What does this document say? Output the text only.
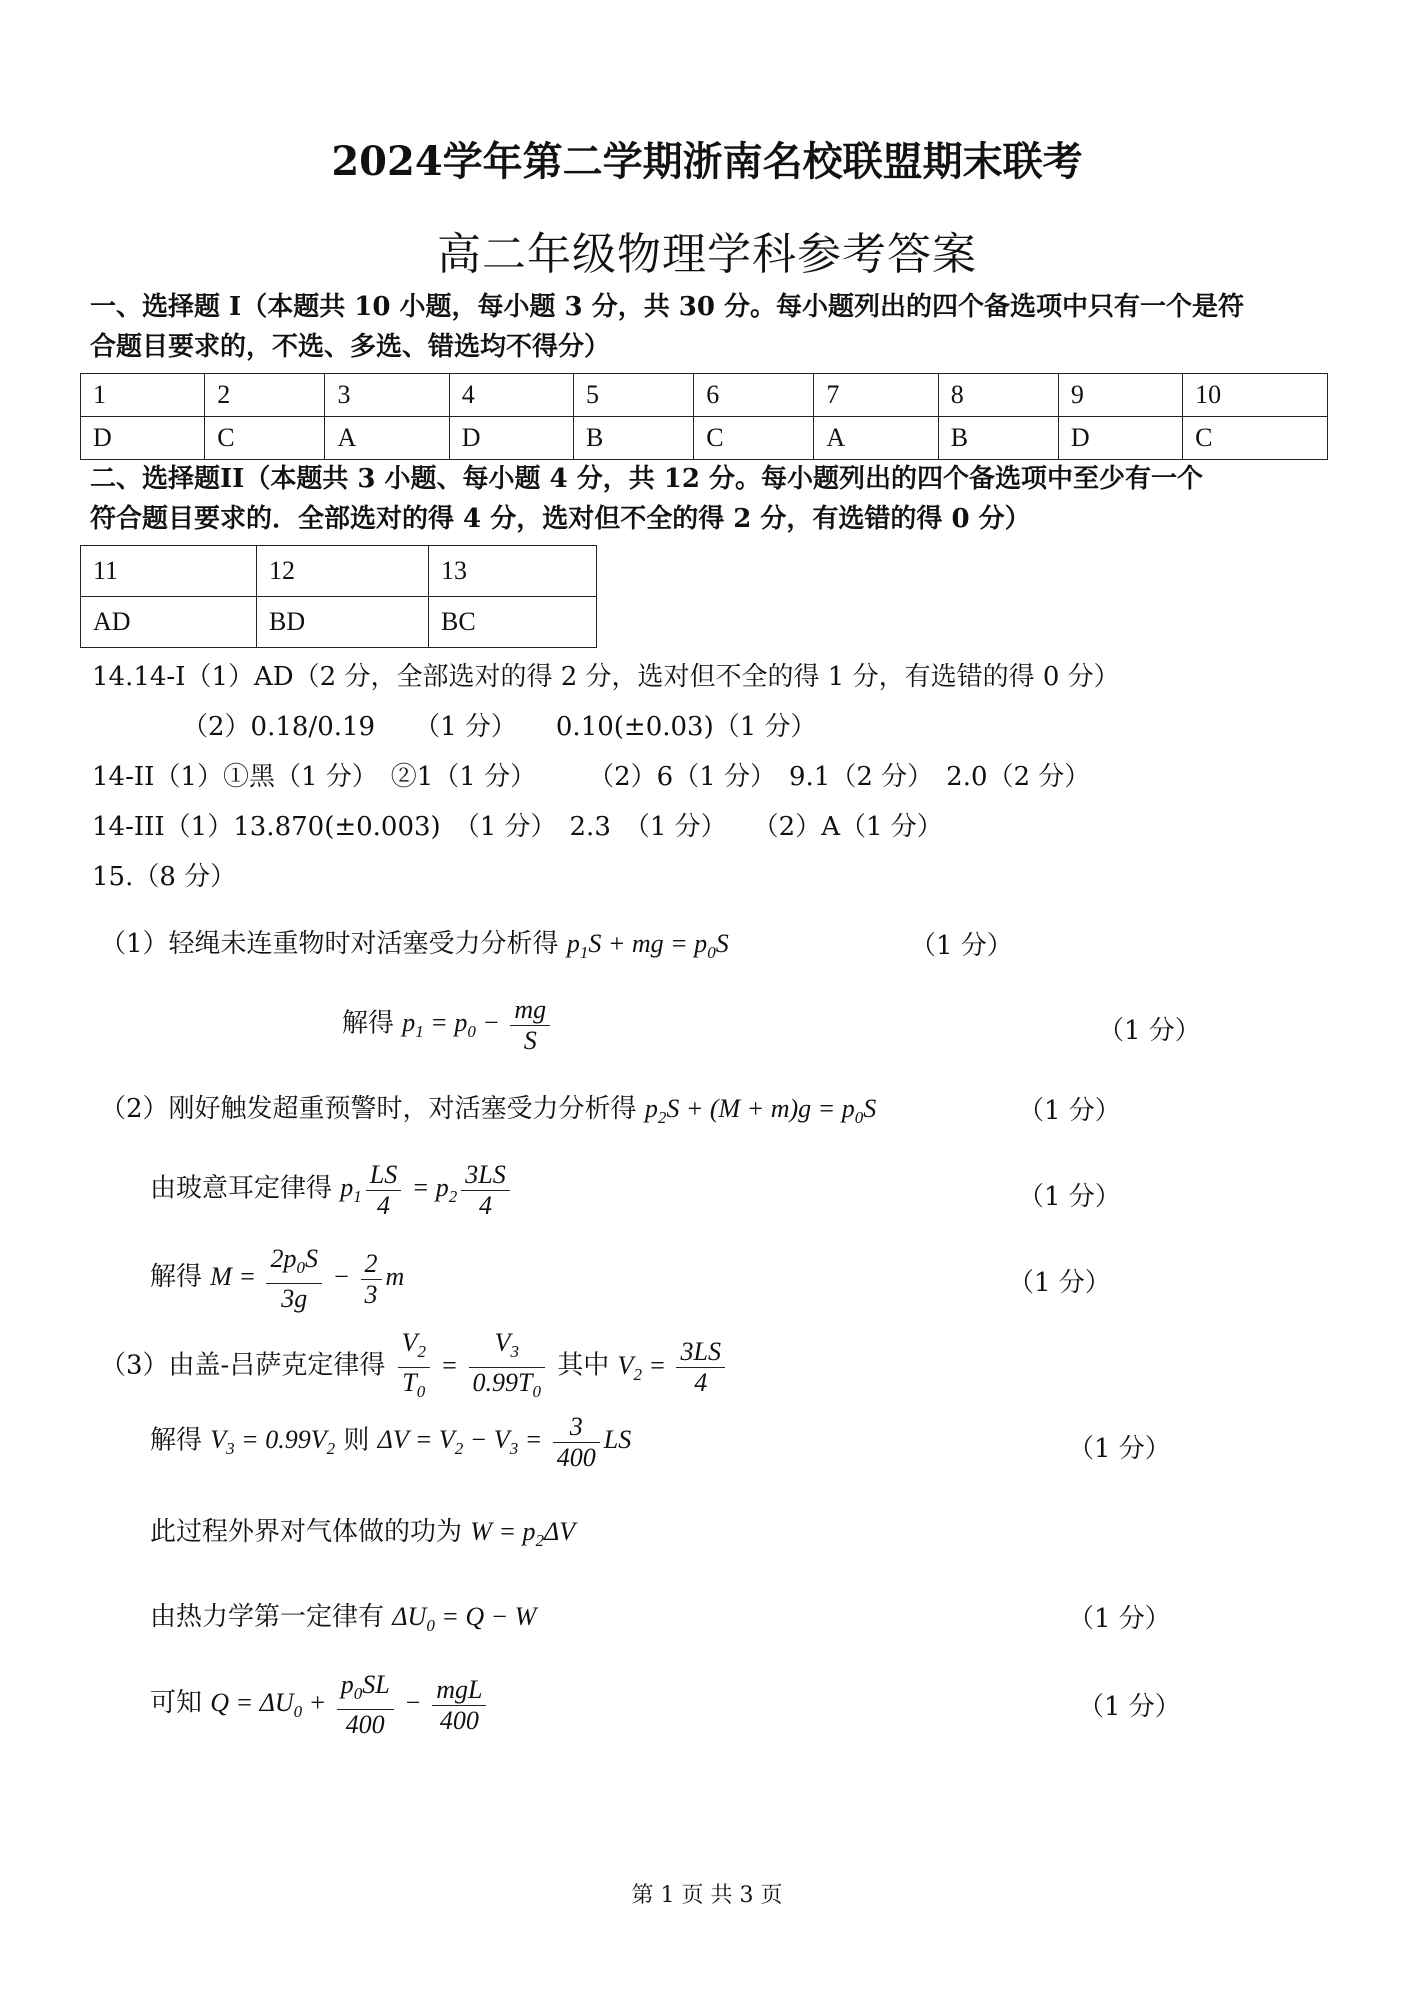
2024学年第二学期浙南名校联盟期末联考
高二年级物理学科参考答案
一、选择题 I（本题共 10 小题，每小题 3 分，共 30 分。每小题列出的四个备选项中只有一个是符
合题目要求的，不选、多选、错选均不得分）
1	2	3	4	5	6	7	8	9	10
D	C	A	D	B	C	A	B	D	C
二、选择题II（本题共 3 小题、每小题 4 分，共 12 分。每小题列出的四个备选项中至少有一个
符合题目要求的．全部选对的得 4 分，选对但不全的得 2 分，有选错的得 0 分）
11	12	13
AD	BD	BC
14.14-I（1）AD（2 分，全部选对的得 2 分，选对但不全的得 1 分，有选错的得 0 分）
（2）0.18/0.19　　（1 分）　　0.10(±0.03)（1 分）
14-II（1）①黑（1 分）　②1（1 分）　　　（2）6（1 分）　9.1（2 分）　2.0（2 分）
14-III（1）13.870(±0.003)　（1 分）　2.3　（1 分）　　（2）A（1 分）
15.（8 分）
（1）轻绳未连重物时对活塞受力分析得 $p_1S$ + mg = $p_0S$	（1 分）
解得 $p_1 = p_0 - \frac{mg}{S}$	（1 分）
（2）刚好触发超重预警时，对活塞受力分析得 $p_2S + (M + m)g = p_0S$	（1 分）
由玻意耳定律得 $p_1 \frac{LS}{4} = p_2 \frac{3LS}{4}$	（1 分）
解得 $M = \frac{2p_0S}{3g} - \frac{2}{3}$ m	（1 分）
（3）由盖-吕萨克定律得 $\frac{V_2}{T_0} = \frac{V_3}{0.99T_0}$ 其中 $V_2 = \frac{3LS}{4}$
解得 $V_3 = 0.99V_2$ 则 $\Delta V = V_2 - V_3 = \frac{3}{400}$ LS	（1 分）
此过程外界对气体做的功为 $W = p_2\Delta V$
由热力学第一定律有 $\Delta U_0 = Q - W$	（1 分）
可知 $Q = \Delta U_0 + \frac{p_0SL}{400} - \frac{\text{mgL}}{400}$	（1 分）
第 1 页 共 3 页
